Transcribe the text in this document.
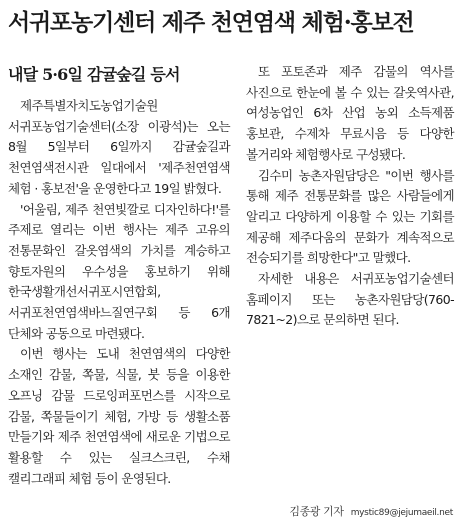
서귀포농기센터 제주 천연염색 체험·홍보전
내달 5·6일 감귤숲길 등서

제주특별자치도농업기술원 서귀포농업기술센터(소장 이광석)는 오는 8월 5일부터 6일까지 감귤숲길과 천연염색전시관 일대에서 '제주천연염색 체험 · 홍보전'을 운영한다고 19일 밝혔다.

'어울림, 제주 천연빛깔로 디자인하다!'를 주제로 열리는 이번 행사는 제주 고유의 전통문화인 갈옷염색의 가치를 계승하고 향토자원의 우수성을 홍보하기 위해 한국생활개선서귀포시연합회, 서귀포천연염색바느질연구회 등 6개 단체와 공동으로 마련됐다.

이번 행사는 도내 천연염색의 다양한 소재인 감물, 쪽물, 식물, 붓 등을 이용한 오프닝 감물 드로잉퍼포먼스를 시작으로 감물, 쪽물들이기 체험, 가방 등 생활소품 만들기와 제주 천연염색에 새로운 기법으로 활용할 수 있는 실크스크린, 수채 캘리그래피 체험 등이 운영된다.

또 포토존과 제주 감물의 역사를 사진으로 한눈에 볼 수 있는 갈옷역사관, 여성농업인 6차 산업 농외 소득제품 홍보관, 수제차 무료시음 등 다양한 볼거리와 체험행사로 구성됐다.

김수미 농촌자원담당은 "이번 행사를 통해 제주 전통문화를 많은 사람들에게 알리고 다양하게 이용할 수 있는 기회를 제공해 제주다움의 문화가 계속적으로 전승되기를 희망한다"고 말했다.

자세한 내용은 서귀포농업기술센터 홈페이지 또는 농촌자원담당(760-7821~2)으로 문의하면 된다.

김종광 기자 mystic89@jejumaeil.net
